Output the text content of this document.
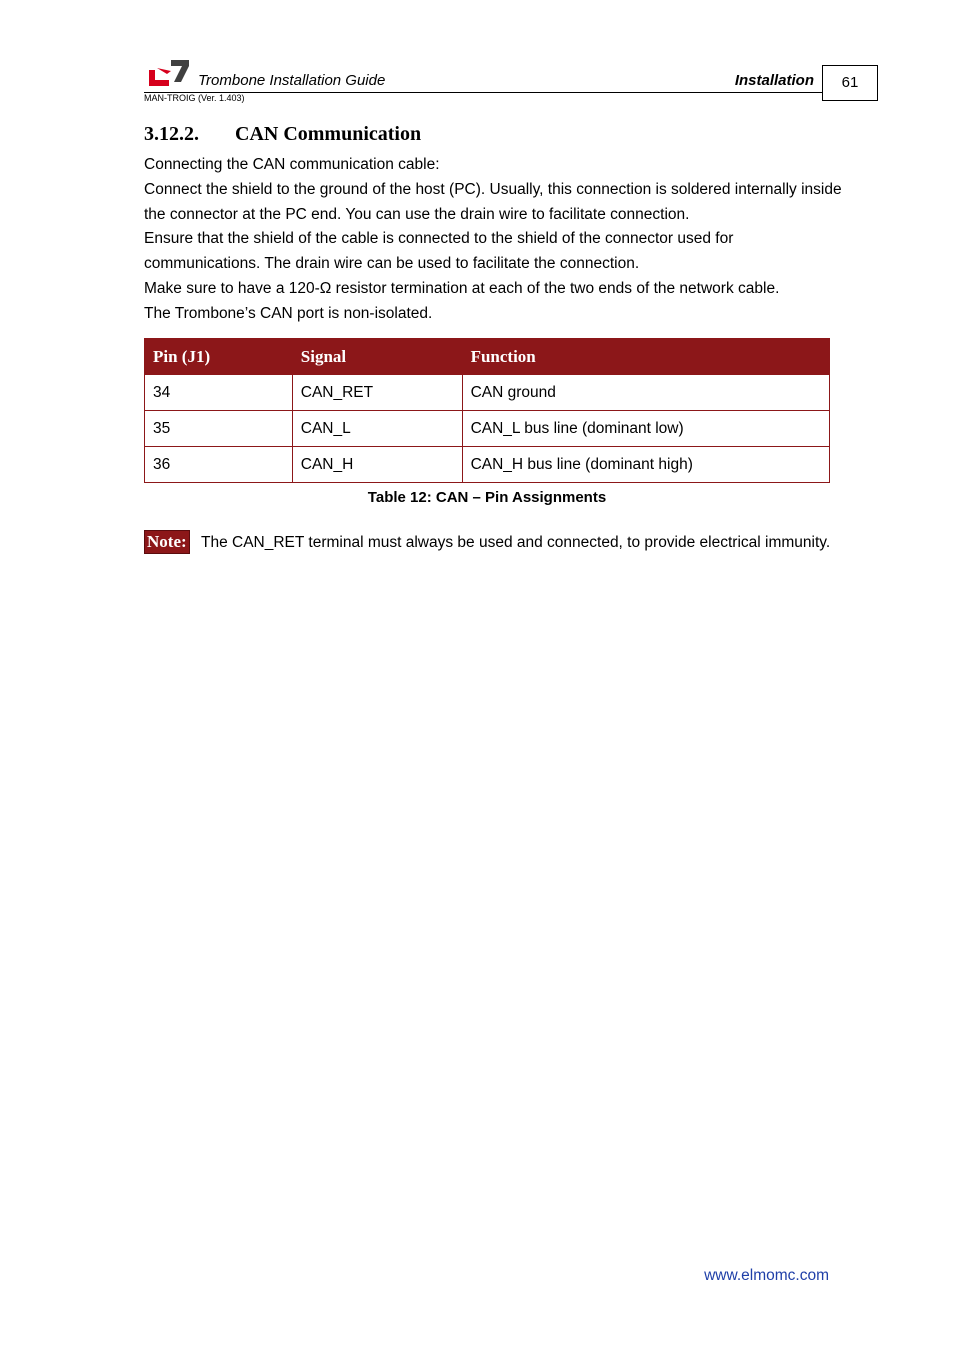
Trombone Installation Guide	Installation	61
MAN-TROIG (Ver. 1.403)
3.12.2. CAN Communication

Connecting the CAN communication cable:

Connect the shield to the ground of the host (PC). Usually, this connection is soldered internally inside the connector at the PC end. You can use the drain wire to facilitate connection.

Ensure that the shield of the cable is connected to the shield of the connector used for communications. The drain wire can be used to facilitate the connection.

Make sure to have a 120-Ω resistor termination at each of the two ends of the network cable.

The Trombone’s CAN port is non-isolated.

Pin (J1)	Signal	Function
34	CAN_RET	CAN ground
35	CAN_L	CAN_L bus line (dominant low)
36	CAN_H	CAN_H bus line (dominant high)
Table 12: CAN – Pin Assignments
The CAN_RET terminal must always be used and connected, to provide electrical immunity.
Note:
www.elmomc.com
